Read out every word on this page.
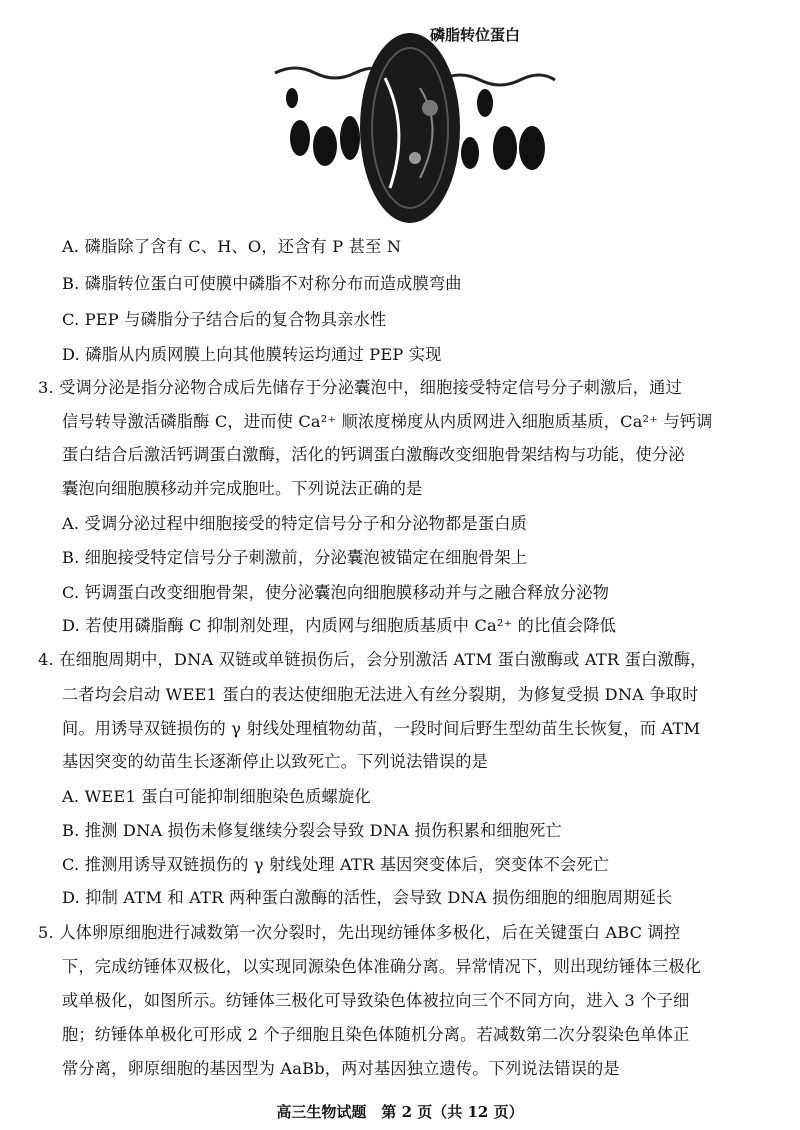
磷脂转位蛋白
A. 磷脂除了含有 C、H、O，还含有 P 甚至 N
B. 磷脂转位蛋白可使膜中磷脂不对称分布而造成膜弯曲
C. PEP 与磷脂分子结合后的复合物具亲水性
D. 磷脂从内质网膜上向其他膜转运均通过 PEP 实现
3. 受调分泌是指分泌物合成后先储存于分泌囊泡中，细胞接受特定信号分子刺激后，通过
信号转导激活磷脂酶 C，进而使 Ca²⁺ 顺浓度梯度从内质网进入细胞质基质，Ca²⁺ 与钙调
蛋白结合后激活钙调蛋白激酶，活化的钙调蛋白激酶改变细胞骨架结构与功能，使分泌
囊泡向细胞膜移动并完成胞吐。下列说法正确的是
A. 受调分泌过程中细胞接受的特定信号分子和分泌物都是蛋白质
B. 细胞接受特定信号分子刺激前，分泌囊泡被锚定在细胞骨架上
C. 钙调蛋白改变细胞骨架，使分泌囊泡向细胞膜移动并与之融合释放分泌物
D. 若使用磷脂酶 C 抑制剂处理，内质网与细胞质基质中 Ca²⁺ 的比值会降低
4. 在细胞周期中，DNA 双链或单链损伤后，会分别激活 ATM 蛋白激酶或 ATR 蛋白激酶，
二者均会启动 WEE1 蛋白的表达使细胞无法进入有丝分裂期，为修复受损 DNA 争取时
间。用诱导双链损伤的 γ 射线处理植物幼苗，一段时间后野生型幼苗生长恢复，而 ATM
基因突变的幼苗生长逐渐停止以致死亡。下列说法错误的是
A. WEE1 蛋白可能抑制细胞染色质螺旋化
B. 推测 DNA 损伤未修复继续分裂会导致 DNA 损伤积累和细胞死亡
C. 推测用诱导双链损伤的 γ 射线处理 ATR 基因突变体后，突变体不会死亡
D. 抑制 ATM 和 ATR 两种蛋白激酶的活性，会导致 DNA 损伤细胞的细胞周期延长
5. 人体卵原细胞进行减数第一次分裂时，先出现纺锤体多极化，后在关键蛋白 ABC 调控
下，完成纺锤体双极化，以实现同源染色体准确分离。异常情况下，则出现纺锤体三极化
或单极化，如图所示。纺锤体三极化可导致染色体被拉向三个不同方向，进入 3 个子细
胞；纺锤体单极化可形成 2 个子细胞且染色体随机分离。若减数第二次分裂染色单体正
常分离，卵原细胞的基因型为 AaBb，两对基因独立遗传。下列说法错误的是
高三生物试题　第 2 页（共 12 页）
